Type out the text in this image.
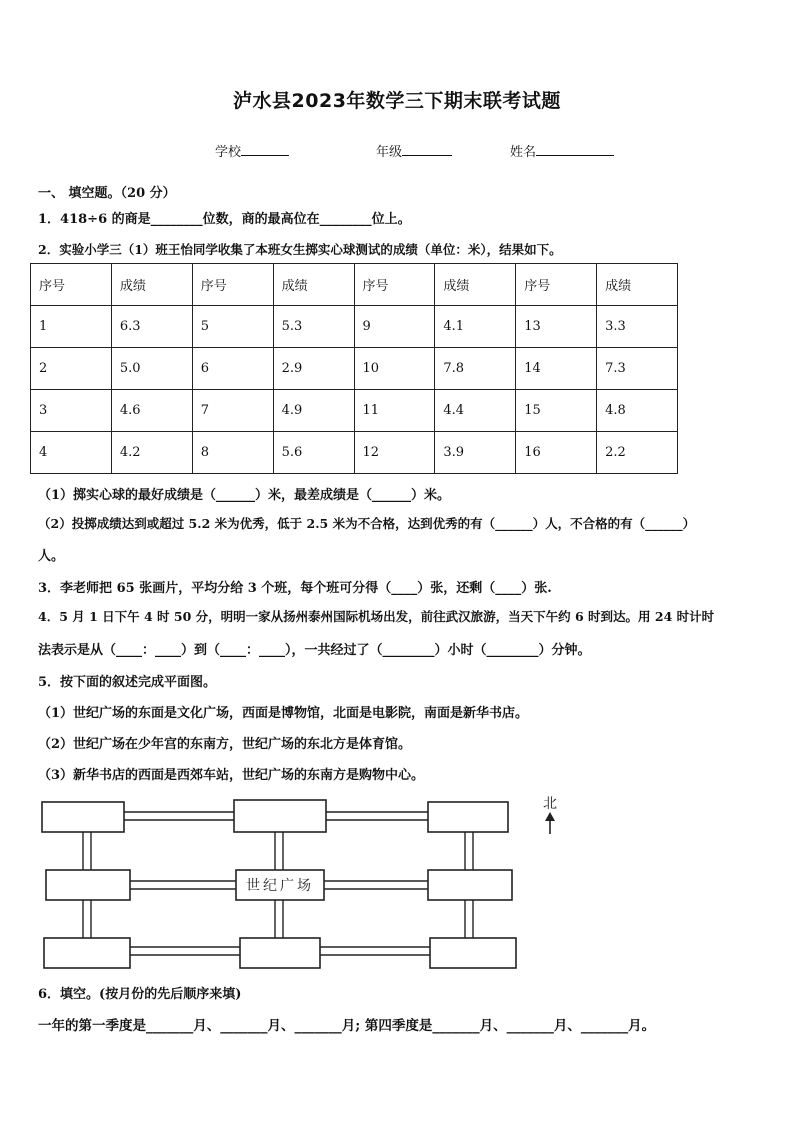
泸水县2023年数学三下期末联考试题
学校	年级	姓名
一、 填空题。（20 分）
1．418÷6 的商是________位数，商的最高位在________位上。
2．实验小学三（1）班王怡同学收集了本班女生掷实心球测试的成绩（单位：米），结果如下。
序号	成绩	序号	成绩	序号	成绩	序号	成绩
1	6.3	5	5.3	9	4.1	13	3.3
2	5.0	6	2.9	10	7.8	14	7.3
3	4.6	7	4.9	11	4.4	15	4.8
4	4.2	8	5.6	12	3.9	16	2.2
（1）掷实心球的最好成绩是（______）米，最差成绩是（______）米。
（2）投掷成绩达到或超过 5.2 米为优秀，低于 2.5 米为不合格，达到优秀的有（______）人，不合格的有（______）
人。
3．李老师把 65 张画片，平均分给 3 个班，每个班可分得（____）张，还剩（____）张.
4．5 月 1 日下午 4 时 50 分，明明一家从扬州泰州国际机场出发，前往武汉旅游，当天下午约 6 时到达。用 24 时计时
法表示是从（____：____）到（____：____），一共经过了（________）小时（________）分钟。
5．按下面的叙述完成平面图。
（1）世纪广场的东面是文化广场，西面是博物馆，北面是电影院，南面是新华书店。
（2）世纪广场在少年宫的东南方，世纪广场的东北方是体育馆。
（3）新华书店的西面是西郊车站，世纪广场的东南方是购物中心。
世纪广场
北
6．填空。(按月份的先后顺序来填)
一年的第一季度是_______月、_______月、_______月; 第四季度是_______月、_______月、_______月。
